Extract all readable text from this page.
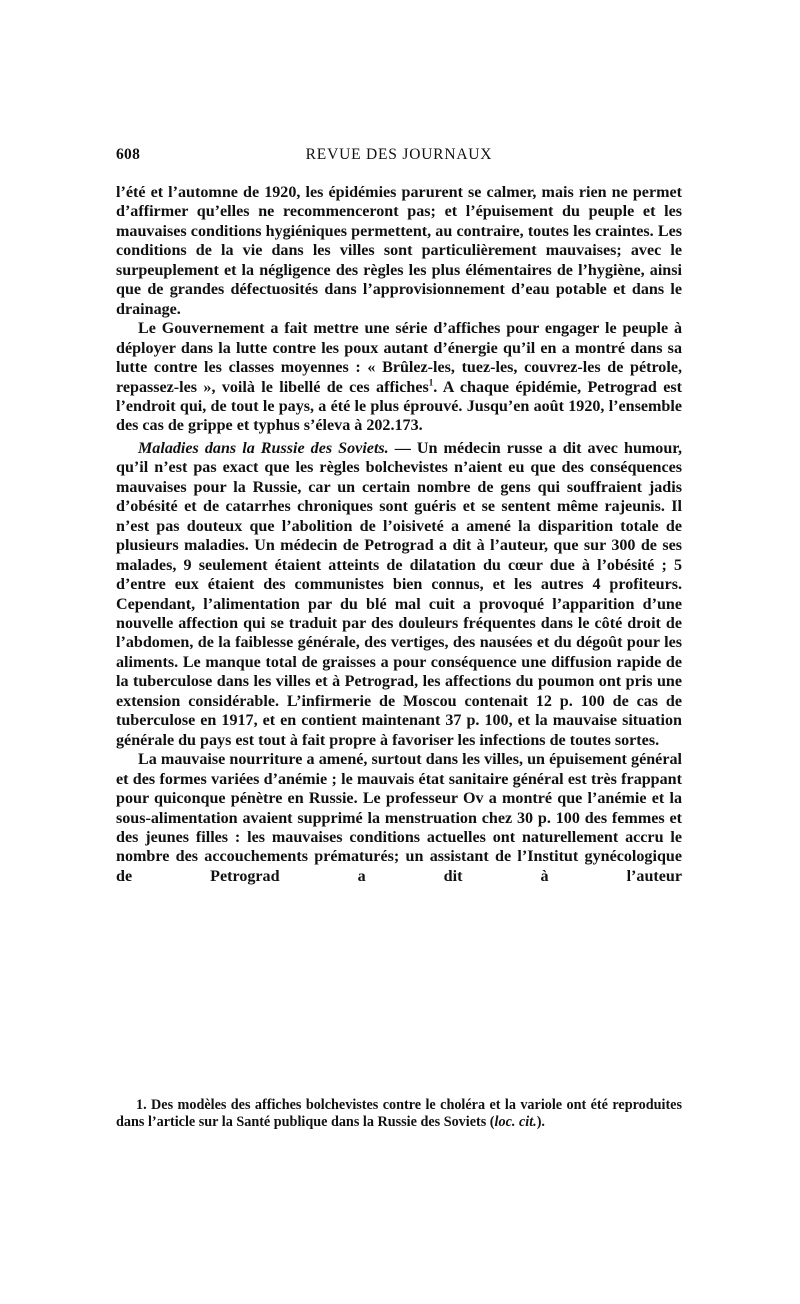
608	REVUE DES JOURNAUX

l’été et l’automne de 1920, les épidémies parurent se calmer, mais rien ne permet d’affirmer qu’elles ne recommenceront pas; et l’épuisement du peuple et les mauvaises conditions hygiéniques permettent, au contraire, toutes les craintes. Les conditions de la vie dans les villes sont particulièrement mauvaises; avec le surpeuplement et la négligence des règles les plus élémentaires de l’hygiène, ainsi que de grandes défectuosités dans l’approvisionnement d’eau potable et dans le drainage.

Le Gouvernement a fait mettre une série d’affiches pour engager le peuple à déployer dans la lutte contre les poux autant d’énergie qu’il en a montré dans sa lutte contre les classes moyennes : « Brûlez-les, tuez-les, couvrez-les de pétrole, repassez-les », voilà le libellé de ces affiches$^1$. A chaque épidémie, Petrograd est l’endroit qui, de tout le pays, a été le plus éprouvé. Jusqu’en août 1920, l’ensemble des cas de grippe et typhus s’éleva à 202.173.

Maladies dans la Russie des Soviets. — Un médecin russe a dit avec humour, qu’il n’est pas exact que les règles bolchevistes n’aient eu que des conséquences mauvaises pour la Russie, car un certain nombre de gens qui souffraient jadis d’obésité et de catarrhes chroniques sont guéris et se sentent même rajeunis. Il n’est pas douteux que l’abolition de l’oisiveté a amené la disparition totale de plusieurs maladies. Un médecin de Petrograd a dit à l’auteur, que sur 300 de ses malades, 9 seulement étaient atteints de dilatation du cœur due à l’obésité ; 5 d’entre eux étaient des communistes bien connus, et les autres 4 profiteurs. Cependant, l’alimentation par du blé mal cuit a provoqué l’apparition d’une nouvelle affection qui se traduit par des douleurs fréquentes dans le côté droit de l’abdomen, de la faiblesse générale, des vertiges, des nausées et du dégoût pour les aliments. Le manque total de graisses a pour conséquence une diffusion rapide de la tuberculose dans les villes et à Petrograd, les affections du poumon ont pris une extension considérable. L’infirmerie de Moscou contenait 12 p. 100 de cas de tuberculose en 1917, et en contient maintenant 37 p. 100, et la mauvaise situation générale du pays est tout à fait propre à favoriser les infections de toutes sortes.

La mauvaise nourriture a amené, surtout dans les villes, un épuisement général et des formes variées d’anémie ; le mauvais état sanitaire général est très frappant pour quiconque pénètre en Russie. Le professeur Ov a montré que l’anémie et la sous-alimentation avaient supprimé la menstruation chez 30 p. 100 des femmes et des jeunes filles : les mauvaises conditions actuelles ont naturellement accru le nombre des accouchements prématurés; un assistant de l’Institut gynécologique de Petrograd a dit à l’auteur

1. Des modèles des affiches bolchevistes contre le choléra et la variole ont été reproduites dans l’article sur la Santé publique dans la Russie des Soviets (loc. cit.).
